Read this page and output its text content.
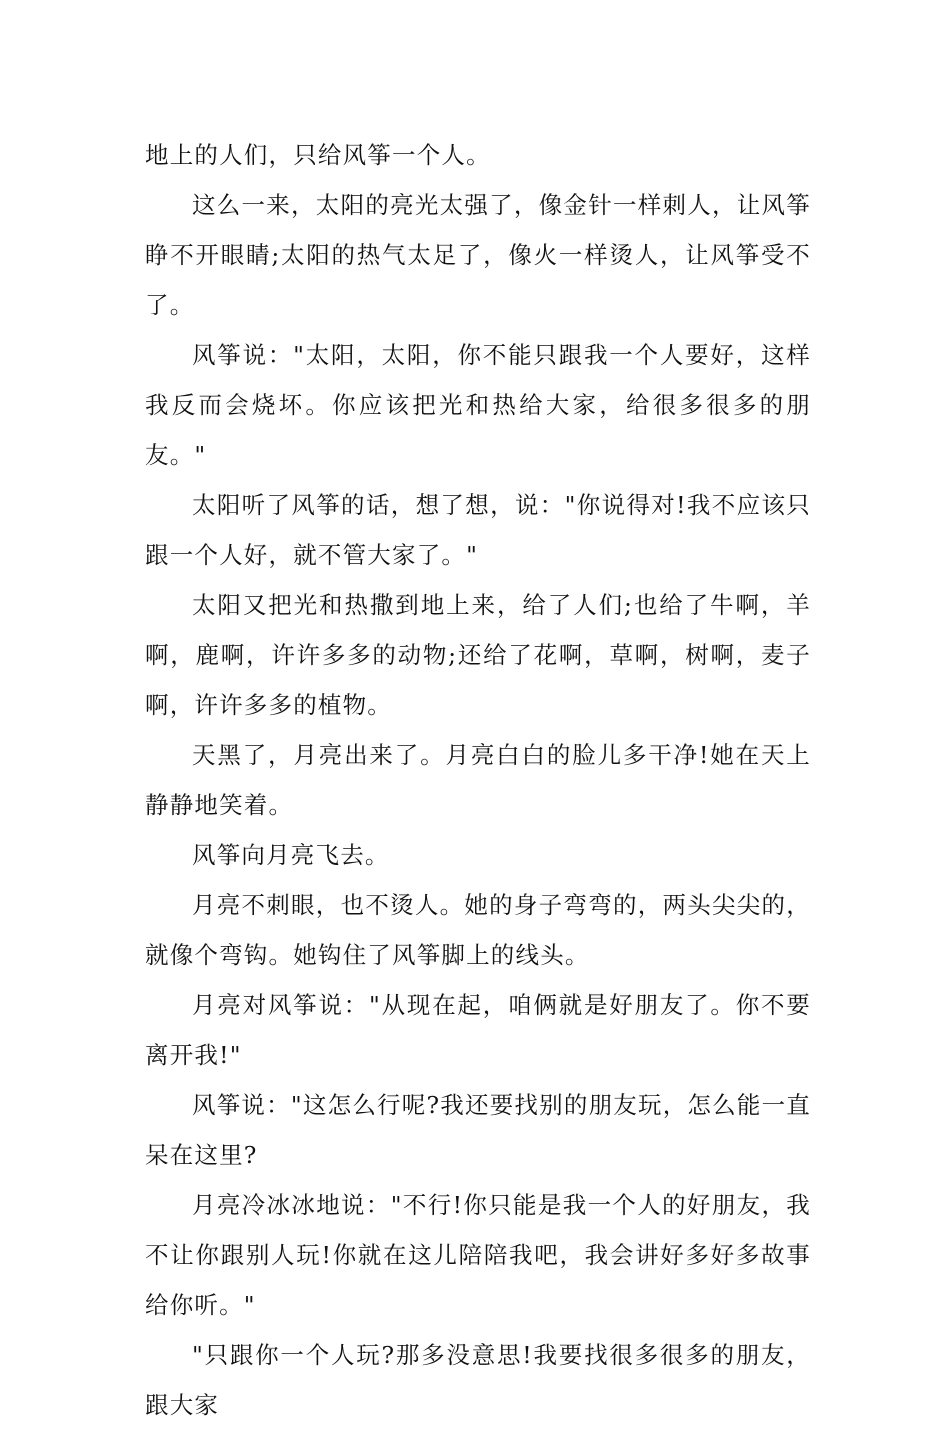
地上的人们，只给风筝一个人。

这么一来，太阳的亮光太强了，像金针一样刺人，让风筝睁不开眼睛;太阳的热气太足了，像火一样烫人，让风筝受不了。

风筝说："太阳，太阳，你不能只跟我一个人要好，这样我反而会烧坏。你应该把光和热给大家，给很多很多的朋友。"

太阳听了风筝的话，想了想，说："你说得对!我不应该只跟一个人好，就不管大家了。"

太阳又把光和热撒到地上来，给了人们;也给了牛啊，羊啊，鹿啊，许许多多的动物;还给了花啊，草啊，树啊，麦子啊，许许多多的植物。

天黑了，月亮出来了。月亮白白的脸儿多干净!她在天上静静地笑着。

风筝向月亮飞去。

月亮不刺眼，也不烫人。她的身子弯弯的，两头尖尖的，就像个弯钩。她钩住了风筝脚上的线头。

月亮对风筝说："从现在起，咱俩就是好朋友了。你不要离开我!"

风筝说："这怎么行呢?我还要找别的朋友玩，怎么能一直呆在这里?

月亮冷冰冰地说："不行!你只能是我一个人的好朋友，我不让你跟别人玩!你就在这儿陪陪我吧，我会讲好多好多故事给你听。"

"只跟你一个人玩?那多没意思!我要找很多很多的朋友，跟大家
